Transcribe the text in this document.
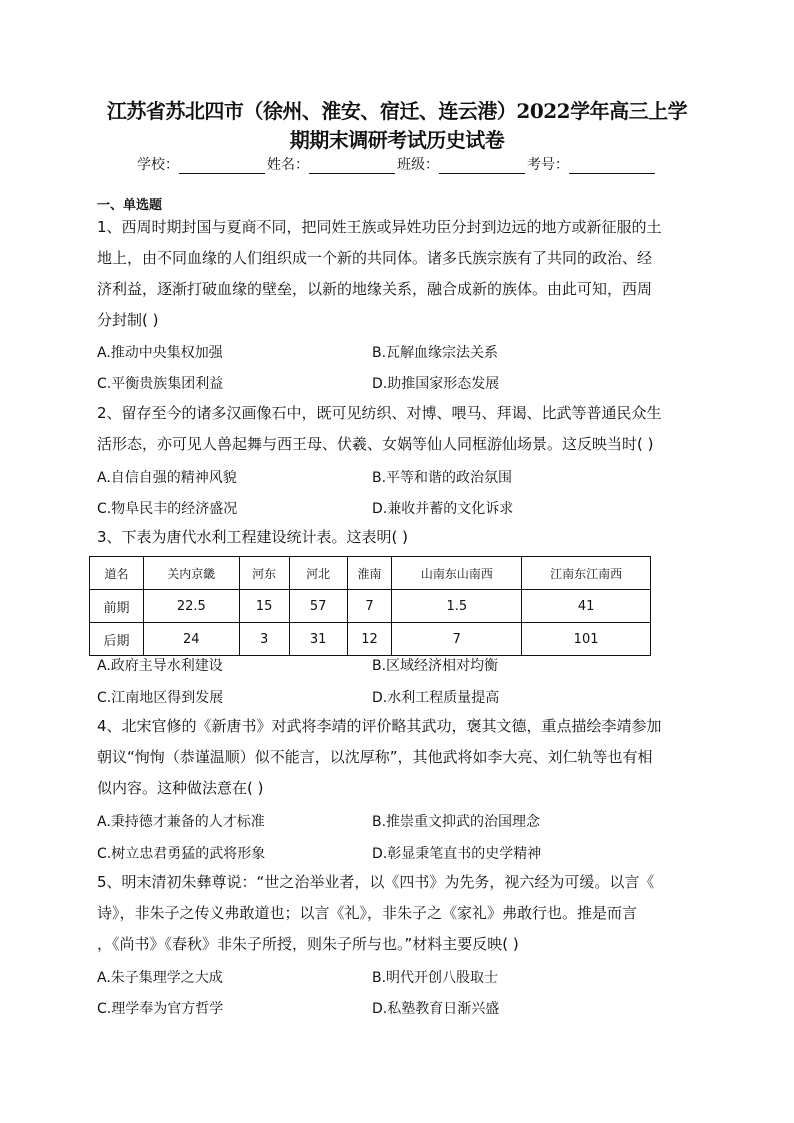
江苏省苏北四市（徐州、淮安、宿迁、连云港）2022学年高三上学
期期末调研考试历史试卷
学校：	姓名：	班级：	考号：
一、单选题
1、西周时期封国与夏商不同，把同姓王族或异姓功臣分封到边远的地方或新征服的土
地上，由不同血缘的人们组织成一个新的共同体。诸多氏族宗族有了共同的政治、经
济利益，逐渐打破血缘的壁垒，以新的地缘关系，融合成新的族体。由此可知，西周
分封制( )
A.推动中央集权加强	B.瓦解血缘宗法关系
C.平衡贵族集团利益	D.助推国家形态发展
2、留存至今的诸多汉画像石中，既可见纺织、对博、喂马、拜谒、比武等普通民众生
活形态，亦可见人兽起舞与西王母、伏羲、女娲等仙人同框游仙场景。这反映当时( )
A.自信自强的精神风貌	B.平等和谐的政治氛围
C.物阜民丰的经济盛况	D.兼收并蓄的文化诉求
3、下表为唐代水利工程建设统计表。这表明( )
道名	关内京畿	河东	河北	淮南	山南东山南西	江南东江南西
前期	22.5	15	57	7	1.5	41
后期	24	3	31	12	7	101
A.政府主导水利建设	B.区域经济相对均衡
C.江南地区得到发展	D.水利工程质量提高
4、北宋官修的《新唐书》对武将李靖的评价略其武功，褒其文德，重点描绘李靖参加
朝议“恂恂（恭谨温顺）似不能言，以沈厚称”，其他武将如李大亮、刘仁轨等也有相
似内容。这种做法意在( )
A.秉持德才兼备的人才标准	B.推崇重文抑武的治国理念
C.树立忠君勇猛的武将形象	D.彰显秉笔直书的史学精神
5、明末清初朱彝尊说：“世之治举业者，以《四书》为先务，视六经为可缓。以言《
诗》，非朱子之传义弗敢道也；以言《礼》，非朱子之《家礼》弗敢行也。推是而言
，《尚书》《春秋》非朱子所授，则朱子所与也。”材料主要反映( )
A.朱子集理学之大成	B.明代开创八股取士
C.理学奉为官方哲学	D.私塾教育日渐兴盛
